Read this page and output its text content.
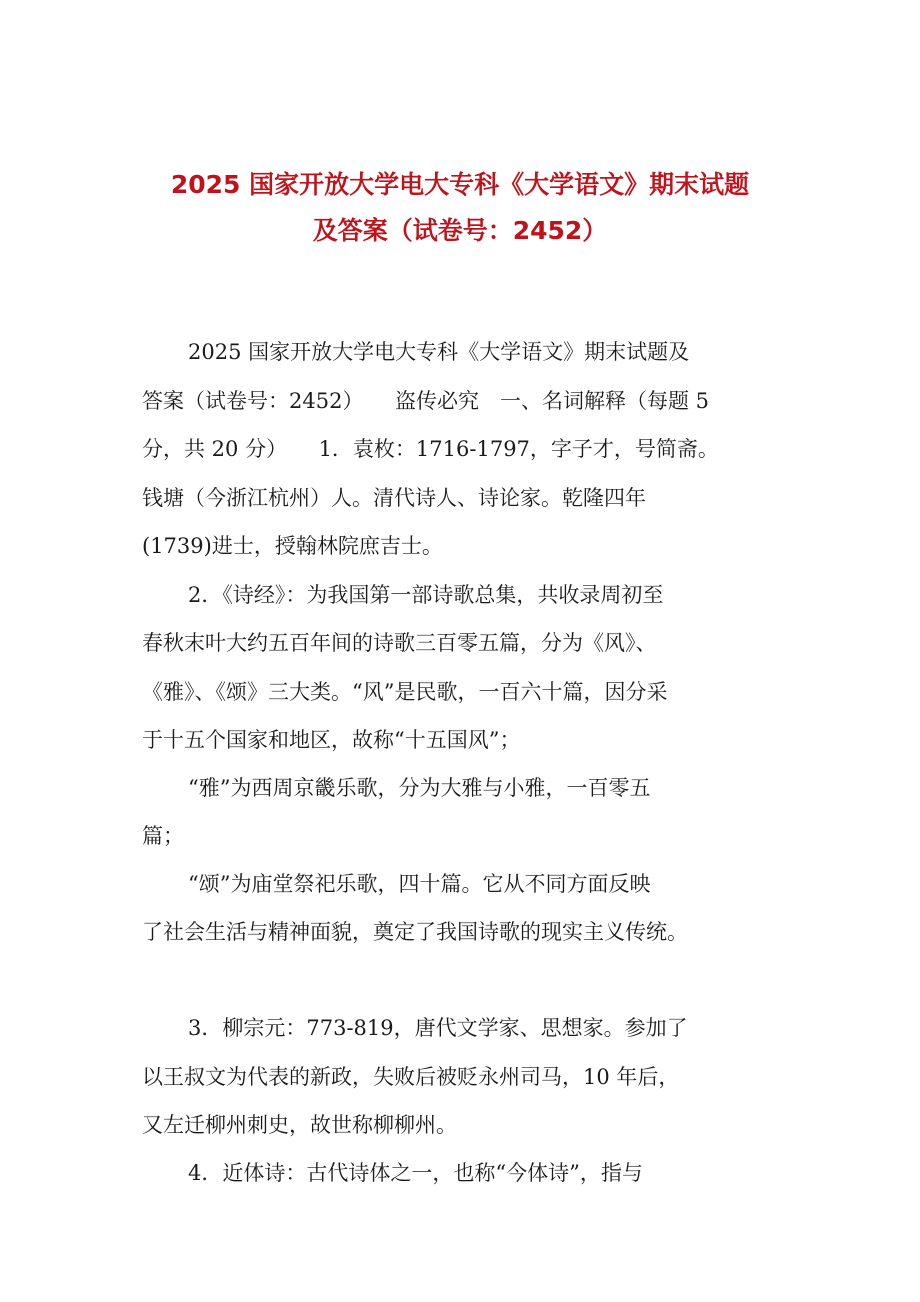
2025 国家开放大学电大专科《大学语文》期末试题
及答案（试卷号：2452）
2025 国家开放大学电大专科《大学语文》期末试题及
答案（试卷号：2452）　　盗传必究　一、名词解释（每题 5
分，共 20 分）　　1．袁枚：1716-1797，字子才，号简斋。
钱塘（今浙江杭州）人。清代诗人、诗论家。乾隆四年
(1739)进士，授翰林院庶吉士。
2．《诗经》：为我国第一部诗歌总集，共收录周初至
春秋末叶大约五百年间的诗歌三百零五篇，分为《风》、
《雅》、《颂》三大类。“风”是民歌，一百六十篇，因分采
于十五个国家和地区，故称“十五国风”；
“雅”为西周京畿乐歌，分为大雅与小雅，一百零五
篇；
“颂”为庙堂祭祀乐歌，四十篇。它从不同方面反映
了社会生活与精神面貌，奠定了我国诗歌的现实主义传统。
3．柳宗元：773-819，唐代文学家、思想家。参加了
以王叔文为代表的新政，失败后被贬永州司马，10 年后，
又左迁柳州刺史，故世称柳柳州。
4．近体诗：古代诗体之一，也称“今体诗”，指与
